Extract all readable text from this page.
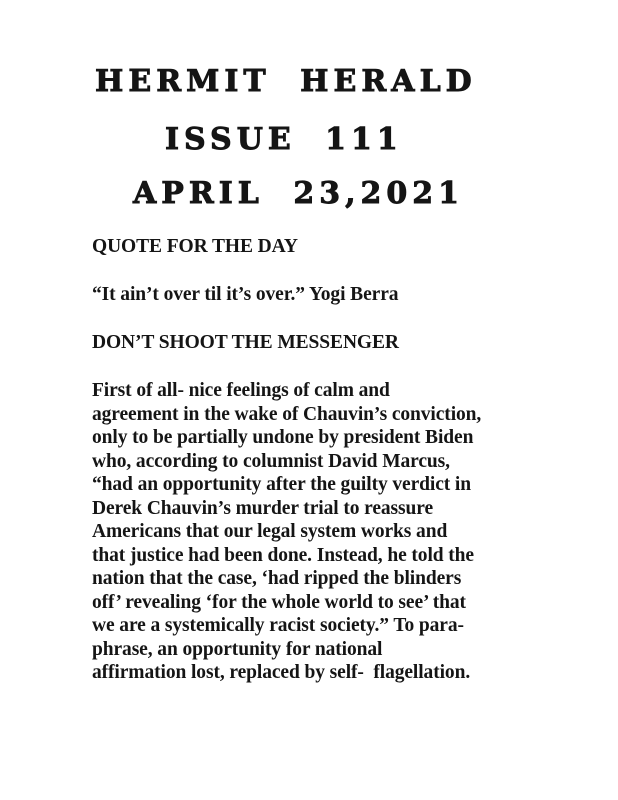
HERMIT HERALD
ISSUE 111
APRIL 23,2021
QUOTE FOR THE DAY
“It ain’t over til it’s over.” Yogi Berra
DON’T SHOOT THE MESSENGER
First of all- nice feelings of calm and
agreement in the wake of Chauvin’s conviction,
only to be partially undone by president Biden
who, according to columnist David Marcus,
“had an opportunity after the guilty verdict in
Derek Chauvin’s murder trial to reassure
Americans that our legal system works and
that justice had been done. Instead, he told the
nation that the case, ‘had ripped the blinders
off’ revealing ‘for the whole world to see’ that
we are a systemically racist society.” To para-
phrase, an opportunity for national
affirmation lost, replaced by self-  flagellation.
